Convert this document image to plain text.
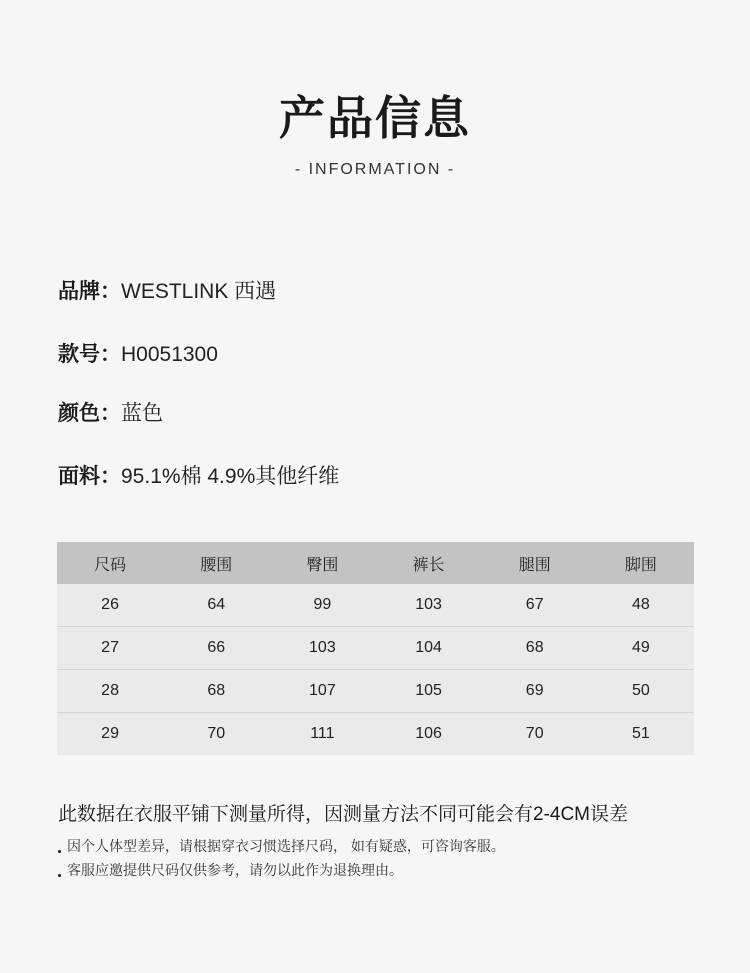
产品信息
- INFORMATION -
品牌：WESTLINK 西遇
款号：H0051300
颜色：蓝色
面料：95.1%棉 4.9%其他纤维
尺码	腰围	臀围	裤长	腿围	脚围
26	64	99	103	67	48
27	66	103	104	68	49
28	68	107	105	69	50
29	70	111	106	70	51
此数据在衣服平铺下测量所得，因测量方法不同可能会有2-4CM误差
因个人体型差异，请根据穿衣习惯选择尺码， 如有疑惑，可咨询客服。
客服应邀提供尺码仅供参考，请勿以此作为退换理由。
